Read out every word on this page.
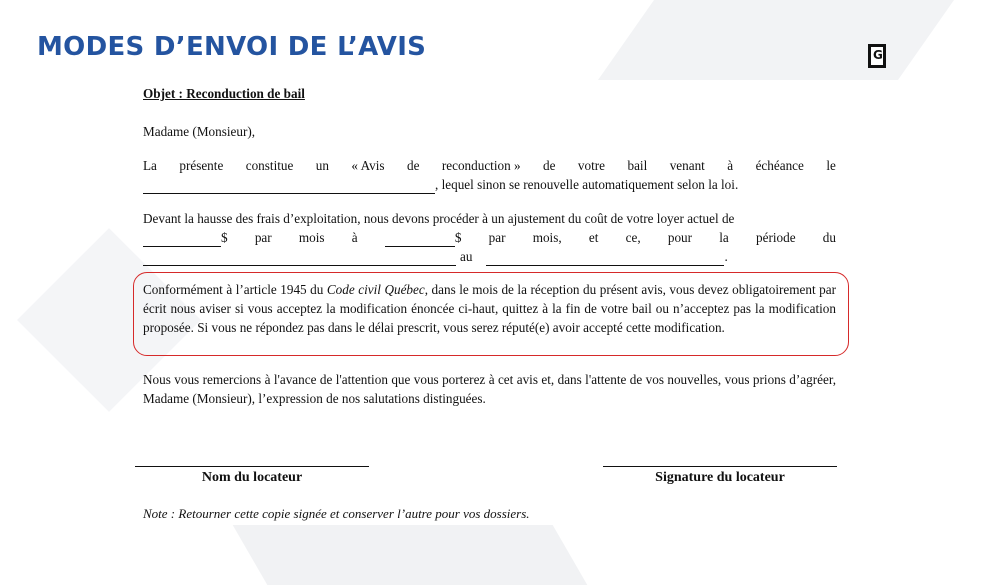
MODES D’ENVOI DE L’AVIS	G

Objet : Reconduction de bail

Madame (Monsieur),

La présente constitue un « Avis de reconduction » de votre bail venant à échéance le
, lequel sinon se renouvelle automatiquement selon la loi.
Devant la hausse des frais d’exploitation, nous devons procéder à un ajustement du coût de votre loyer actuel de
$ par mois à	$ par mois, et ce, pour la période du
au	.

Conformément à l’article 1945 du Code civil Québec, dans le mois de la réception du présent avis, vous devez obligatoirement par écrit nous aviser si vous acceptez la modification énoncée ci-haut, quittez à la fin de votre bail ou n’acceptez pas la modification proposée. Si vous ne répondez pas dans le délai prescrit, vous serez réputé(e) avoir accepté cette modification.

Nous vous remercions à l'avance de l'attention que vous porterez à cet avis et, dans l'attente de vos nouvelles, vous prions d’agréer, Madame (Monsieur), l’expression de nos salutations distinguées.

Nom du locateur	Signature du locateur

Note : Retourner cette copie signée et conserver l’autre pour vos dossiers.
